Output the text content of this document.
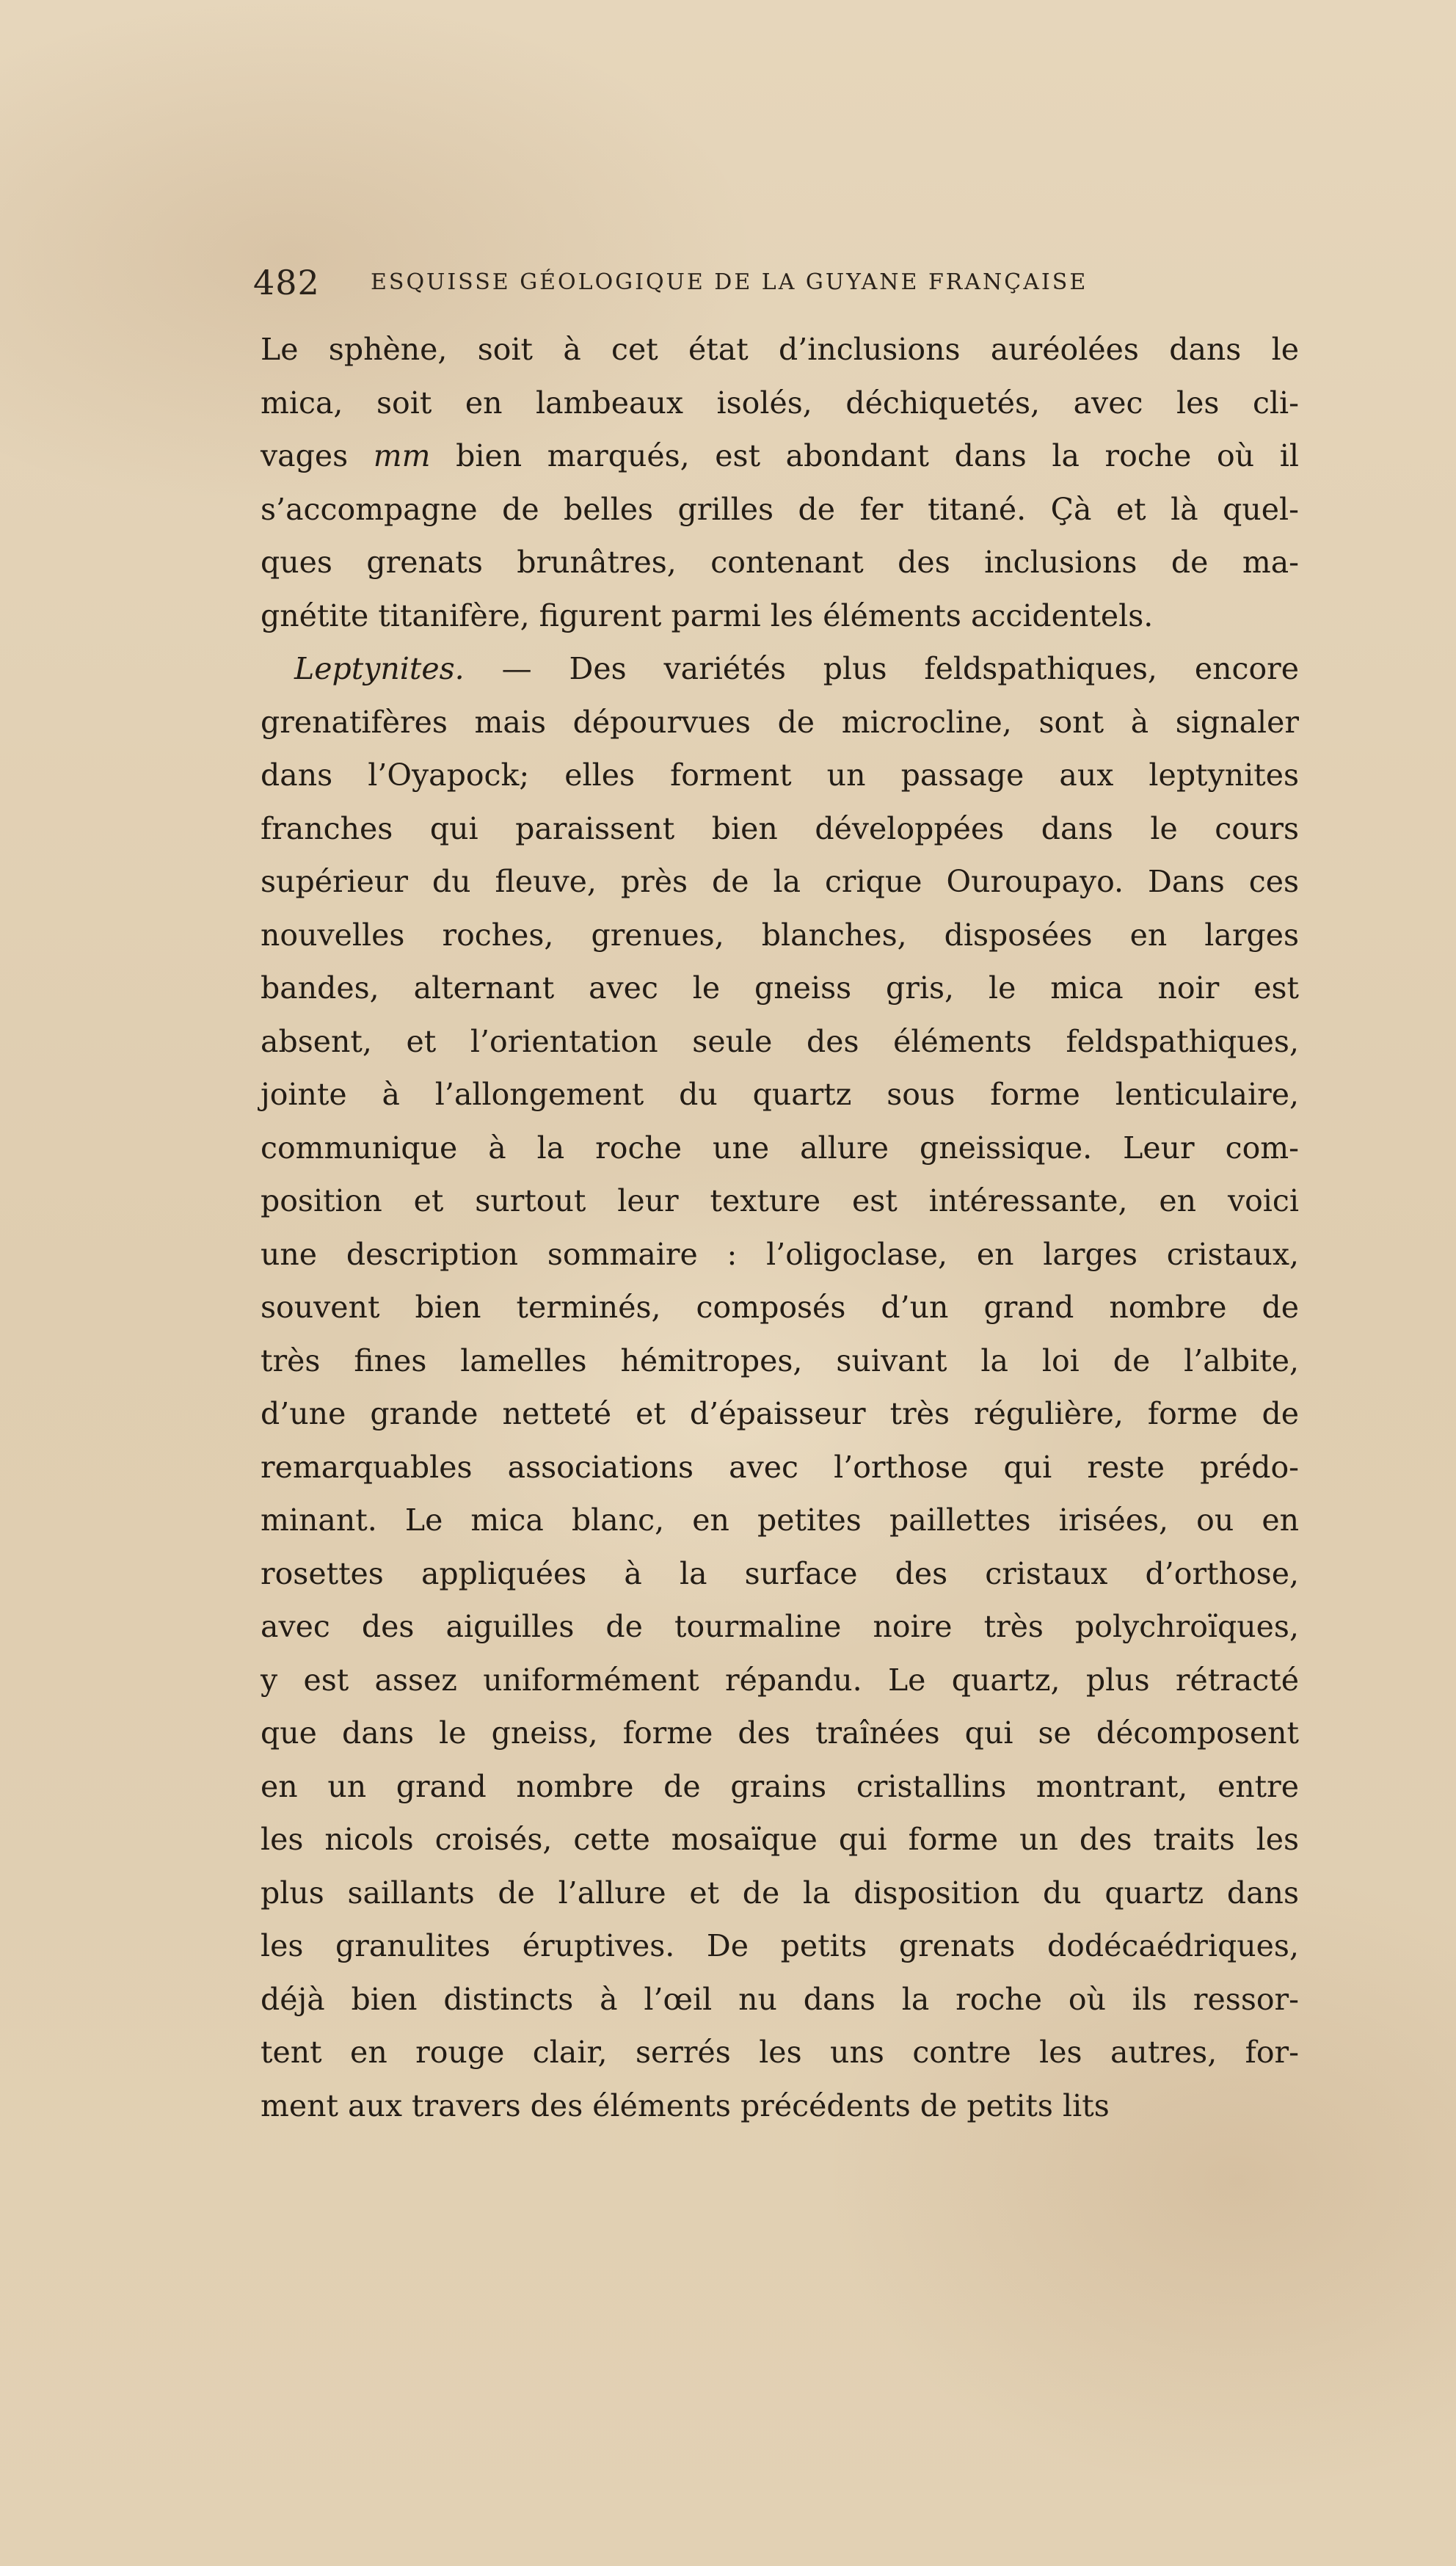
482 ESQUISSE GÉOLOGIQUE DE LA GUYANE FRANÇAISE
Le sphène, soit à cet état d’inclusions auréolées dans le
mica, soit en lambeaux isolés, déchiquetés, avec les cli-
vages mm bien marqués, est abondant dans la roche où il
s’accompagne de belles grilles de fer titané. Çà et là quel-
ques grenats brunâtres, contenant des inclusions de ma-
gnétite titanifère, figurent parmi les éléments accidentels.
Leptynites. — Des variétés plus feldspathiques, encore
grenatifères mais dépourvues de microcline, sont à signaler
dans l’Oyapock; elles forment un passage aux leptynites
franches qui paraissent bien développées dans le cours
supérieur du fleuve, près de la crique Ouroupayo. Dans ces
nouvelles roches, grenues, blanches, disposées en larges
bandes, alternant avec le gneiss gris, le mica noir est
absent, et l’orientation seule des éléments feldspathiques,
jointe à l’allongement du quartz sous forme lenticulaire,
communique à la roche une allure gneissique. Leur com-
position et surtout leur texture est intéressante, en voici
une description sommaire : l’oligoclase, en larges cristaux,
souvent bien terminés, composés d’un grand nombre de
très fines lamelles hémitropes, suivant la loi de l’albite,
d’une grande netteté et d’épaisseur très régulière, forme de
remarquables associations avec l’orthose qui reste prédo-
minant. Le mica blanc, en petites paillettes irisées, ou en
rosettes appliquées à la surface des cristaux d’orthose,
avec des aiguilles de tourmaline noire très polychroïques,
y est assez uniformément répandu. Le quartz, plus rétracté
que dans le gneiss, forme des traînées qui se décomposent
en un grand nombre de grains cristallins montrant, entre
les nicols croisés, cette mosaïque qui forme un des traits les
plus saillants de l’allure et de la disposition du quartz dans
les granulites éruptives. De petits grenats dodécaédriques,
déjà bien distincts à l’œil nu dans la roche où ils ressor-
tent en rouge clair, serrés les uns contre les autres, for-
ment aux travers des éléments précédents de petits lits
